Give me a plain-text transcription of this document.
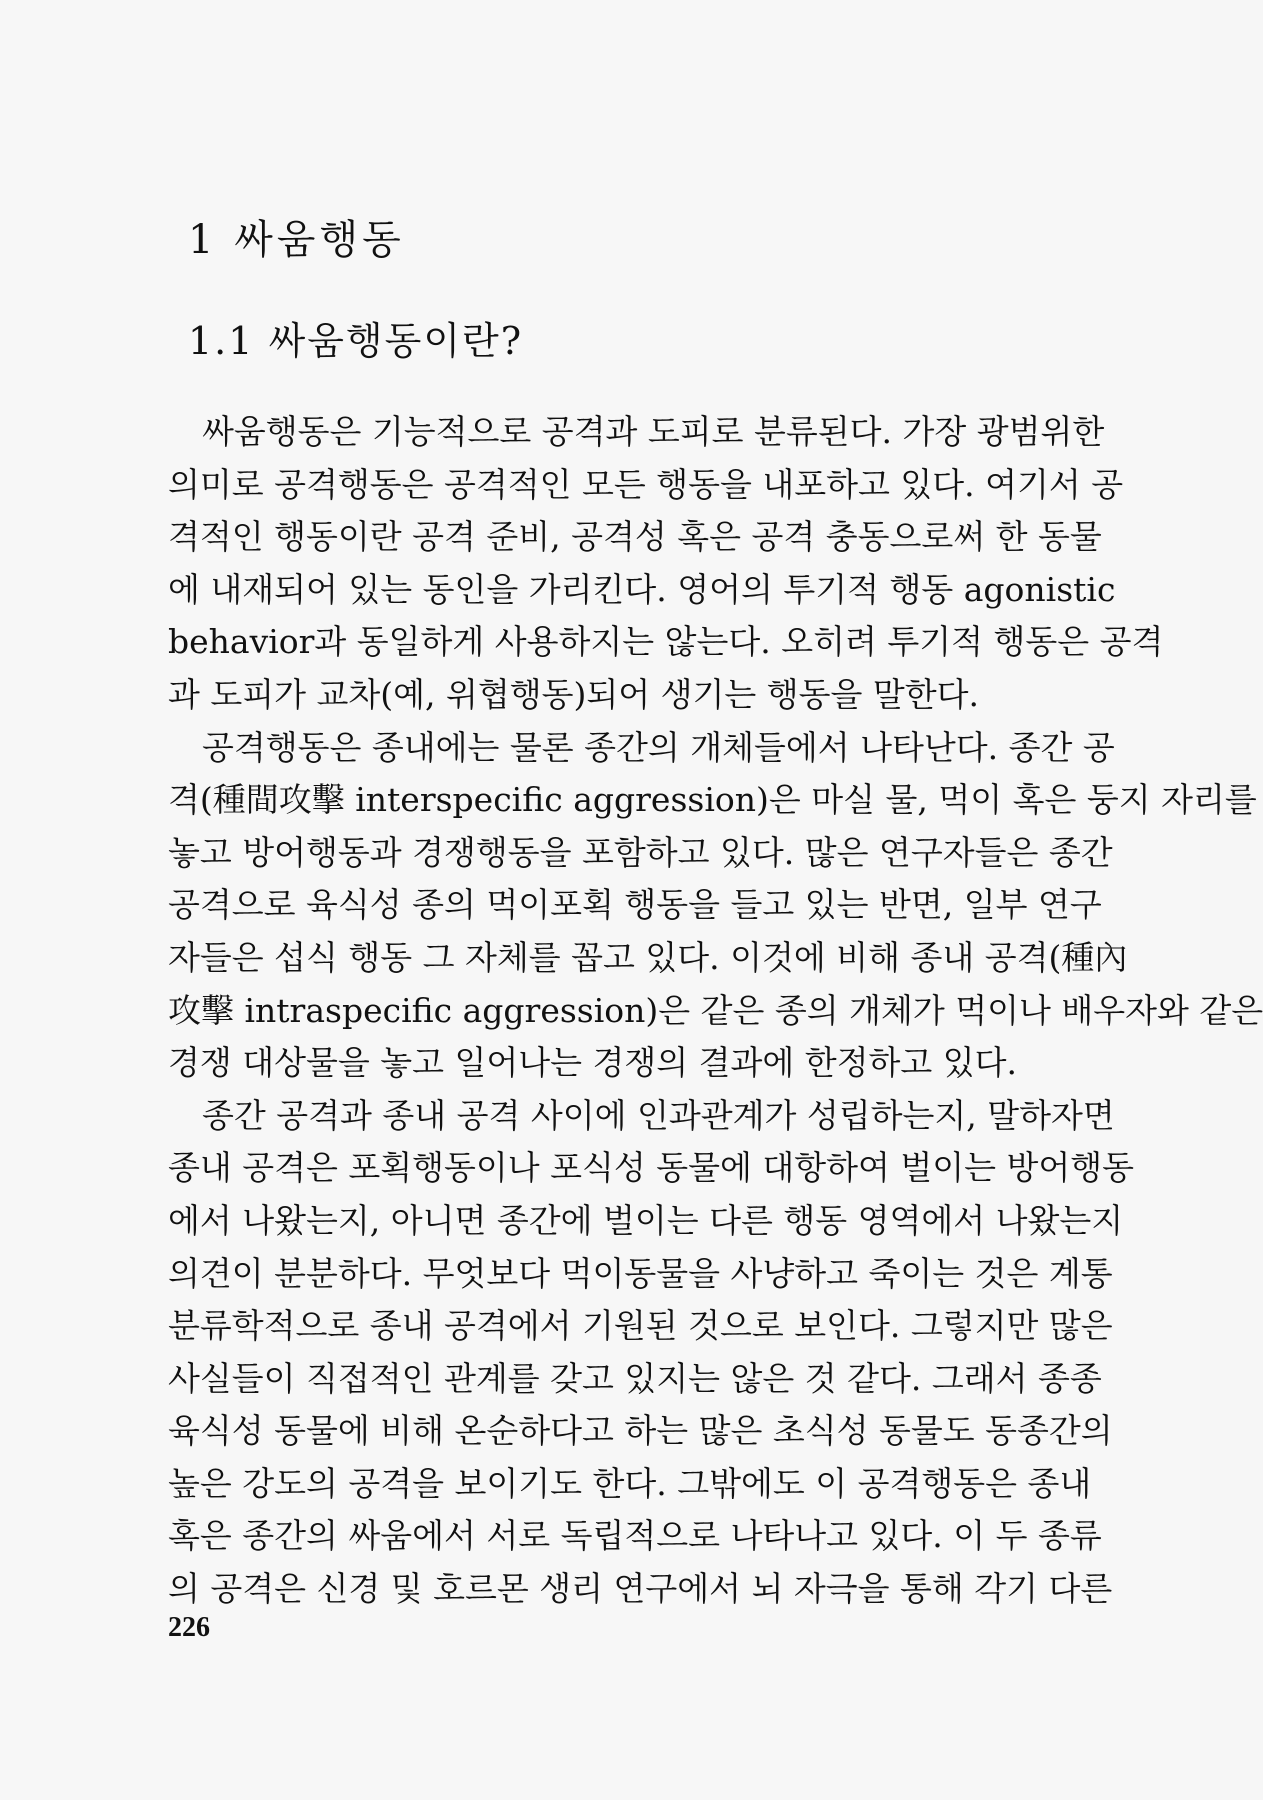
1 싸움행동
1.1 싸움행동이란?
싸움행동은 기능적으로 공격과 도피로 분류된다. 가장 광범위한
의미로 공격행동은 공격적인 모든 행동을 내포하고 있다. 여기서 공
격적인 행동이란 공격 준비, 공격성 혹은 공격 충동으로써 한 동물
에 내재되어 있는 동인을 가리킨다. 영어의 투기적 행동 agonistic
behavior과 동일하게 사용하지는 않는다. 오히려 투기적 행동은 공격
과 도피가 교차(예, 위협행동)되어 생기는 행동을 말한다.
공격행동은 종내에는 물론 종간의 개체들에서 나타난다. 종간 공
격(種間攻擊 interspecific aggression)은 마실 물, 먹이 혹은 둥지 자리를
놓고 방어행동과 경쟁행동을 포함하고 있다. 많은 연구자들은 종간
공격으로 육식성 종의 먹이포획 행동을 들고 있는 반면, 일부 연구
자들은 섭식 행동 그 자체를 꼽고 있다. 이것에 비해 종내 공격(種內
攻擊 intraspecific aggression)은 같은 종의 개체가 먹이나 배우자와 같은
경쟁 대상물을 놓고 일어나는 경쟁의 결과에 한정하고 있다.
종간 공격과 종내 공격 사이에 인과관계가 성립하는지, 말하자면
종내 공격은 포획행동이나 포식성 동물에 대항하여 벌이는 방어행동
에서 나왔는지, 아니면 종간에 벌이는 다른 행동 영역에서 나왔는지
의견이 분분하다. 무엇보다 먹이동물을 사냥하고 죽이는 것은 계통
분류학적으로 종내 공격에서 기원된 것으로 보인다. 그렇지만 많은
사실들이 직접적인 관계를 갖고 있지는 않은 것 같다. 그래서 종종
육식성 동물에 비해 온순하다고 하는 많은 초식성 동물도 동종간의
높은 강도의 공격을 보이기도 한다. 그밖에도 이 공격행동은 종내
혹은 종간의 싸움에서 서로 독립적으로 나타나고 있다. 이 두 종류
의 공격은 신경 및 호르몬 생리 연구에서 뇌 자극을 통해 각기 다른
226
